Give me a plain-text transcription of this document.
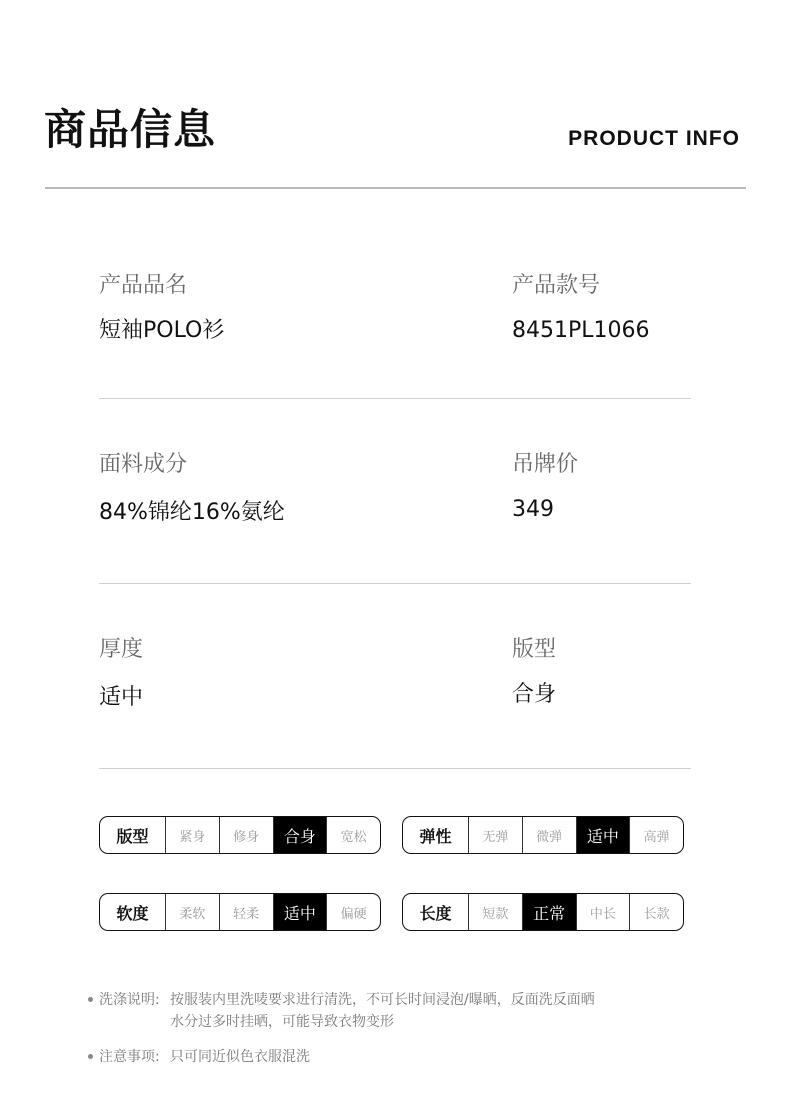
商品信息	PRODUCT INFO
产品品名
短袖POLO衫
产品款号
8451PL1066
面料成分
84%锦纶16%氨纶
吊牌价
349
厚度
适中
版型
合身
版型	紧身	修身	合身	宽松	弹性	无弹	微弹	适中	高弹
软度	柔软	轻柔	适中	偏硬	长度	短款	正常	中长	长款
洗涤说明: 按服装内里洗唛要求进行清洗，不可长时间浸泡/曝晒，反面洗反面晒
水分过多时挂晒，可能导致衣物变形
注意事项: 只可同近似色衣服混洗
